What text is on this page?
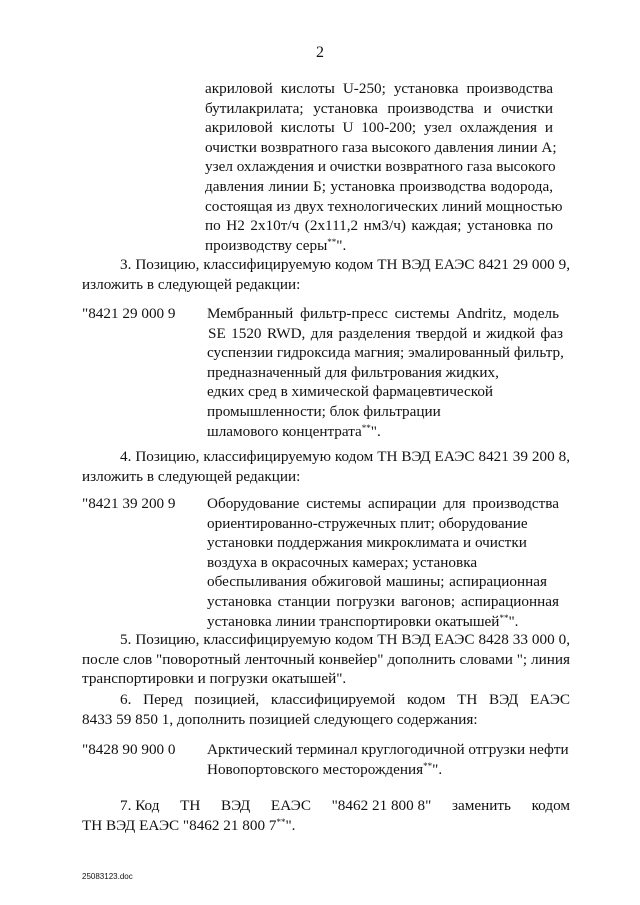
2
акриловой кислоты U-250; установка производства
бутилакрилата; установка производства и очистки
акриловой кислоты U 100-200; узел охлаждения и
очистки возвратного газа высокого давления линии А;
узел охлаждения и очистки возвратного газа высокого
давления линии Б; установка производства водорода,
состоящая из двух технологических линий мощностью
по Н2 2х10т/ч (2х111,2 нм3/ч) каждая; установка по
производству серы**".
3. Позицию, классифицируемую кодом ТН ВЭД ЕАЭС 8421 29 000 9,
изложить в следующей редакции:
"8421 29 000 9 Мембранный фильтр-пресс системы Andritz, модель
SE 1520 RWD, для разделения твердой и жидкой фаз
суспензии гидроксида магния; эмалированный фильтр,
предназначенный для фильтрования жидких,
едких сред в химической фармацевтической
промышленности; блок фильтрации
шламового концентрата**".
4. Позицию, классифицируемую кодом ТН ВЭД ЕАЭС 8421 39 200 8,
изложить в следующей редакции:
"8421 39 200 9 Оборудование системы аспирации для производства
ориентированно-стружечных плит; оборудование
установки поддержания микроклимата и очистки
воздуха в окрасочных камерах; установка
обеспыливания обжиговой машины; аспирационная
установка станции погрузки вагонов; аспирационная
установка линии транспортировки окатышей**".
5. Позицию, классифицируемую кодом ТН ВЭД ЕАЭС 8428 33 000 0,
после слов "поворотный ленточный конвейер" дополнить словами "; линия
транспортировки и погрузки окатышей".
6. Перед позицией, классифицируемой кодом ТН ВЭД ЕАЭС
8433 59 850 1, дополнить позицией следующего содержания:
"8428 90 900 0 Арктический терминал круглогодичной отгрузки нефти
Новопортовского месторождения**".
7. Код ТН ВЭД ЕАЭС "8462 21 800 8" заменить кодом
ТН ВЭД ЕАЭС "8462 21 800 7**".
25083123.doc
